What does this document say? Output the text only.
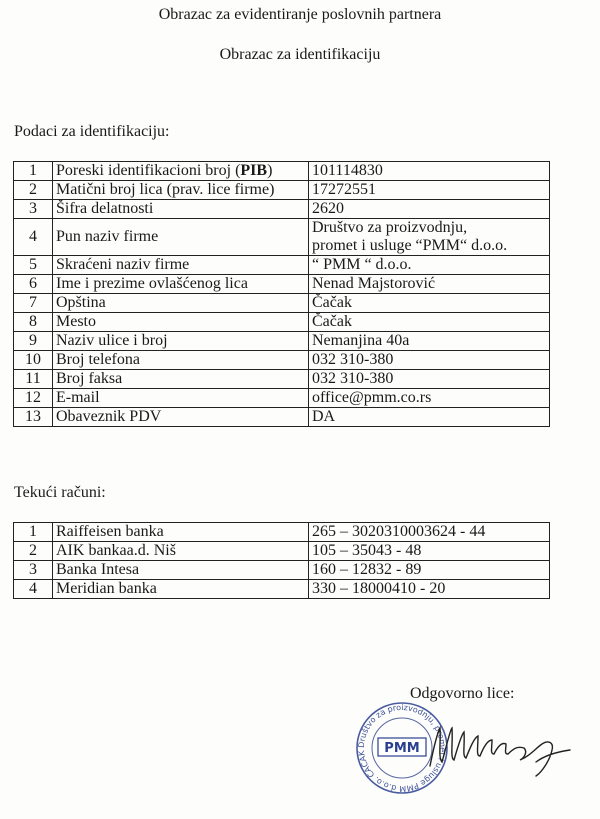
Obrazac za evidentiranje poslovnih partnera
Obrazac za identifikaciju
Podaci za identifikaciju:
1	Poreski identifikacioni broj (PIB)	101114830
2	Matični broj lica (prav. lice firme)	17272551
3	Šifra delatnosti	2620
4	Pun naziv firme	Društvo za proizvodnju,
promet i usluge “PMM“ d.o.o.
5	Skraćeni naziv firme	“ PMM “ d.o.o.
6	Ime i prezime ovlašćenog lica	Nenad Majstorović
7	Opština	Čačak
8	Mesto	Čačak
9	Naziv ulice i broj	Nemanjina 40a
10	Broj telefona	032 310-380
11	Broj faksa	032 310-380
12	E-mail	office@pmm.co.rs
13	Obaveznik PDV	DA
Tekući računi:
1	Raiffeisen banka	265 – 3020310003624 - 44
2	AIK bankaa.d. Niš	105 – 35043 - 48
3	Banka Intesa	160 – 12832 - 89
4	Meridian banka	330 – 18000410 - 20
Odgovorno lice:
Društvo za proizvodnju, promet i usluge PMM d.o.o. ČAČAK	PMM
